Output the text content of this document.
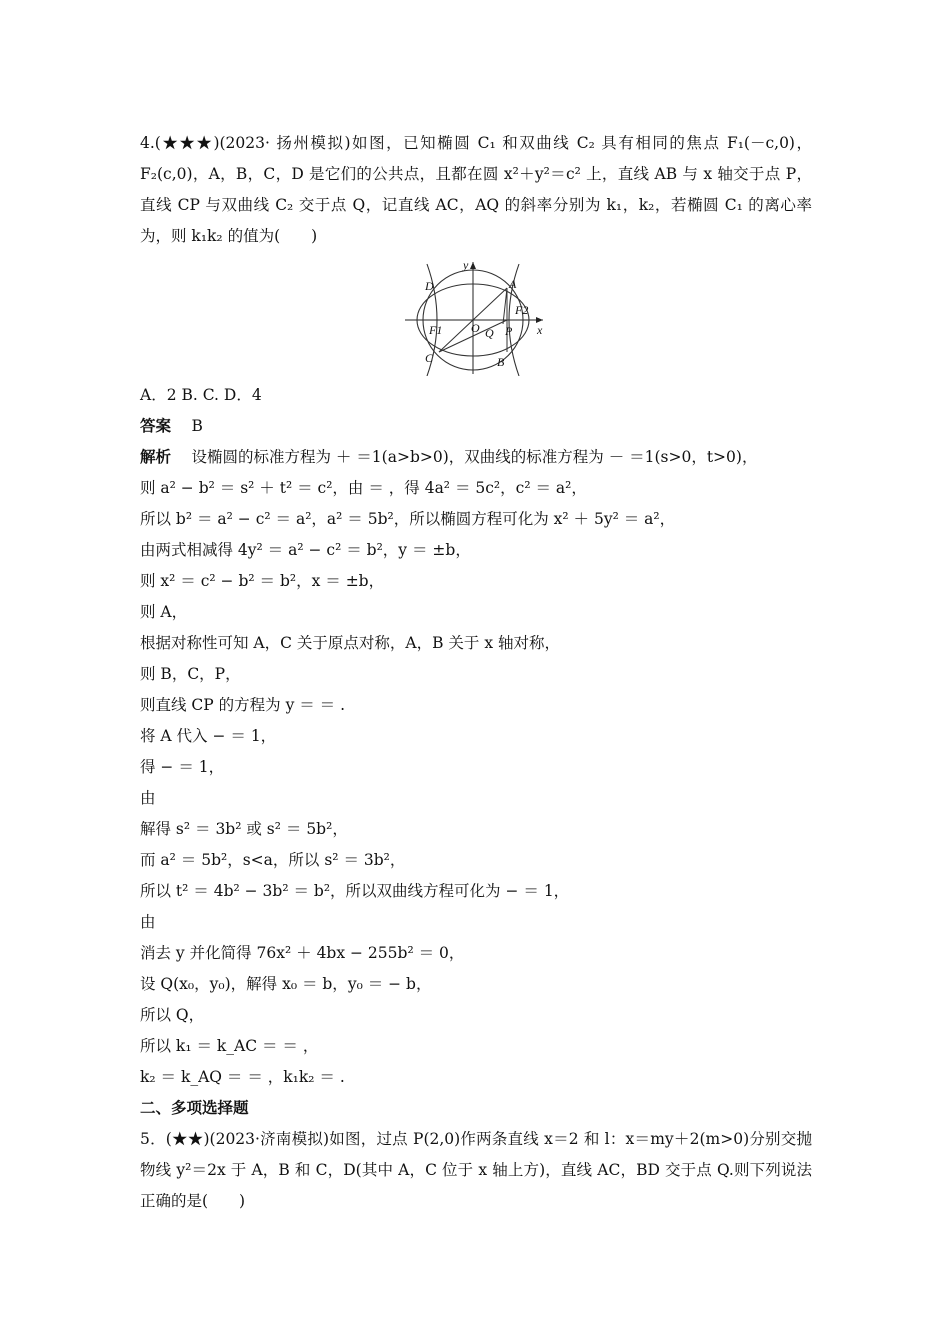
4.(★★★)(2023· 扬州模拟)如图，已知椭圆 C₁ 和双曲线 C₂ 具有相同的焦点 F₁(－c,0)，F₂(c,0)，A，B，C，D 是它们的公共点，且都在圆 x²＋y²＝c² 上，直线 AB 与 x 轴交于点 P，直线 CP 与双曲线 C₂ 交于点 Q，记直线 AC，AQ 的斜率分别为 k₁，k₂，若椭圆 C₁ 的离心率为，则 k₁k₂ 的值为(　　)

y
x
D	A
F1
F2
O Q P
C	B

A．2 B. C. D．4

答案　 B

解析　 设椭圆的标准方程为 ＋ ＝1(a>b>0)，双曲线的标准方程为 － ＝1(s>0，t>0)，

则 a² − b² ＝ s² ＋ t² ＝ c²，由 ＝ ，得 4a² ＝ 5c²，c² ＝ a²，

所以 b² ＝ a² − c² ＝ a²，a² ＝ 5b²，所以椭圆方程可化为 x² ＋ 5y² ＝ a²，

由两式相减得 4y² ＝ a² − c² ＝ b²，y ＝ ±b，

则 x² ＝ c² − b² ＝ b²，x ＝ ±b，

则 A，

根据对称性可知 A，C 关于原点对称，A，B 关于 x 轴对称，

则 B，C，P，

则直线 CP 的方程为 y ＝ ＝ .

将 A 代入 − ＝ 1，

得 − ＝ 1，

由

解得 s² ＝ 3b² 或 s² ＝ 5b²，

而 a² ＝ 5b²，s<a，所以 s² ＝ 3b²，

所以 t² ＝ 4b² − 3b² ＝ b²，所以双曲线方程可化为 − ＝ 1，

由

消去 y 并化简得 76x² ＋ 4bx − 255b² ＝ 0，

设 Q(x₀，y₀)，解得 x₀ ＝ b，y₀ ＝ − b，

所以 Q，

所以 k₁ ＝ k_AC ＝ ＝ ，

k₂ ＝ k_AQ ＝ ＝ ，k₁k₂ ＝ .

二、多项选择题

5．(★★)(2023·济南模拟)如图，过点 P(2,0)作两条直线 x＝2 和 l：x＝my＋2(m>0)分别交抛物线 y²＝2x 于 A，B 和 C，D(其中 A，C 位于 x 轴上方)，直线 AC，BD 交于点 Q.则下列说法正确的是(　　)
